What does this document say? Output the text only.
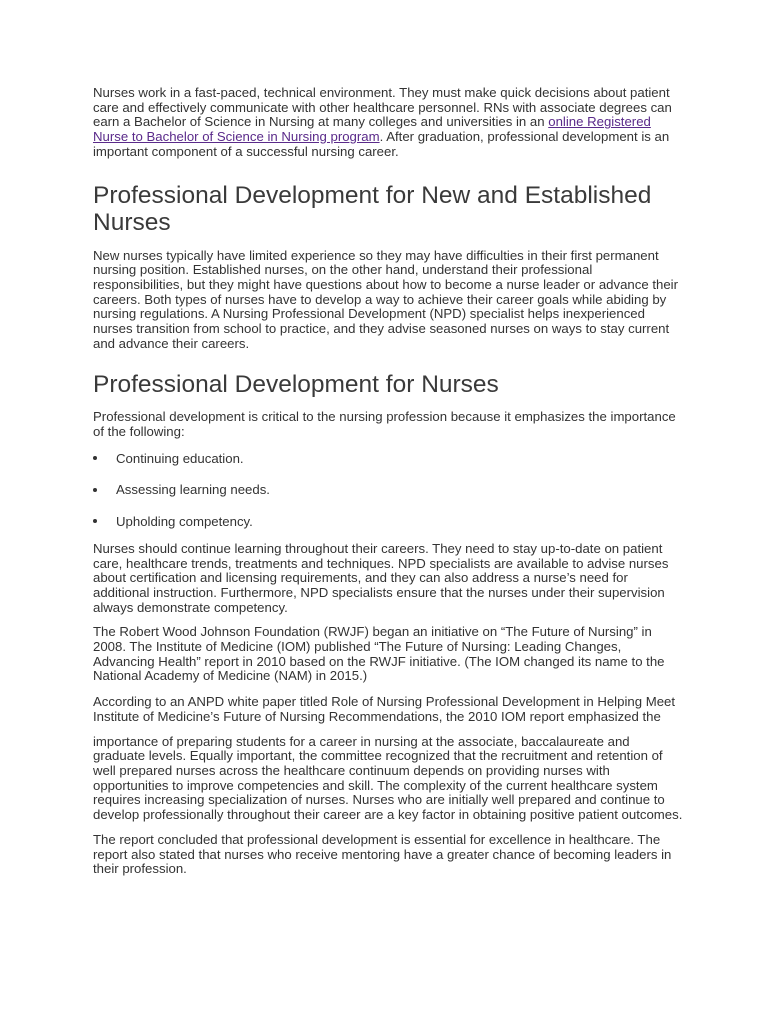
Nurses work in a fast-paced, technical environment. They must make quick decisions about patient care and effectively communicate with other healthcare personnel. RNs with associate degrees can earn a Bachelor of Science in Nursing at many colleges and universities in an online Registered Nurse to Bachelor of Science in Nursing program. After graduation, professional development is an important component of a successful nursing career.

Professional Development for New and Established Nurses

New nurses typically have limited experience so they may have difficulties in their first permanent nursing position. Established nurses, on the other hand, understand their professional responsibilities, but they might have questions about how to become a nurse leader or advance their careers. Both types of nurses have to develop a way to achieve their career goals while abiding by nursing regulations. A Nursing Professional Development (NPD) specialist helps inexperienced nurses transition from school to practice, and they advise seasoned nurses on ways to stay current and advance their careers.

Professional Development for Nurses

Professional development is critical to the nursing profession because it emphasizes the importance of the following:

Continuing education.
Assessing learning needs.
Upholding competency.

Nurses should continue learning throughout their careers. They need to stay up-to-date on patient care, healthcare trends, treatments and techniques. NPD specialists are available to advise nurses about certification and licensing requirements, and they can also address a nurse’s need for additional instruction. Furthermore, NPD specialists ensure that the nurses under their supervision always demonstrate competency.

The Robert Wood Johnson Foundation (RWJF) began an initiative on “The Future of Nursing” in 2008. The Institute of Medicine (IOM) published “The Future of Nursing: Leading Changes, Advancing Health” report in 2010 based on the RWJF initiative. (The IOM changed its name to the National Academy of Medicine (NAM) in 2015.)

According to an ANPD white paper titled Role of Nursing Professional Development in Helping Meet Institute of Medicine’s Future of Nursing Recommendations, the 2010 IOM report emphasized the

importance of preparing students for a career in nursing at the associate, baccalaureate and graduate levels. Equally important, the committee recognized that the recruitment and retention of well prepared nurses across the healthcare continuum depends on providing nurses with opportunities to improve competencies and skill. The complexity of the current healthcare system requires increasing specialization of nurses. Nurses who are initially well prepared and continue to develop professionally throughout their career are a key factor in obtaining positive patient outcomes.

The report concluded that professional development is essential for excellence in healthcare. The report also stated that nurses who receive mentoring have a greater chance of becoming leaders in their profession.
